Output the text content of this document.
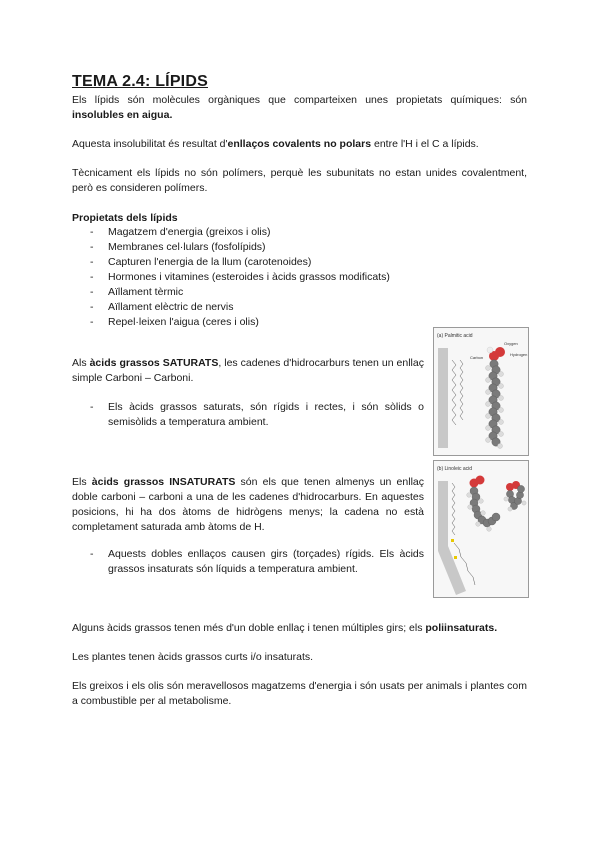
TEMA 2.4: LÍPIDS

Els lípids són molècules orgàniques que comparteixen unes propietats químiques: són insolubles en aigua.

Aquesta insolubilitat és resultat d'enllaços covalents no polars entre l'H i el C a lípids.

Tècnicament els lípids no són polímers, perquè les subunitats no estan unides covalentment, però es consideren polímers.

Propietats dels lípids
- Magatzem d'energia (greixos i olis)
- Membranes cel·lulars (fosfolípids)
- Capturen l'energia de la llum (carotenoides)
- Hormones i vitamines (esteroides i àcids grassos modificats)
- Aïllament tèrmic
- Aïllament elèctric de nervis
- Repel·leixen l'aigua (ceres i olis)
Als àcids grassos SATURATS, les cadenes d'hidrocarburs tenen un enllaç simple Carboni – Carboni.
-	Els àcids grassos saturats, són rígids i rectes, i són sòlids o semisòlids a temperatura ambient.
(a) Palmitic acid
Oxygen
Hydrogen
Carbon
Els àcids grassos INSATURATS són els que tenen almenys un enllaç doble carboni – carboni a una de les cadenes d'hidrocarburs. En aquestes posicions, hi ha dos àtoms de hidrògens menys; la cadena no està completament saturada amb àtoms de H.
-	Aquests dobles enllaços causen girs (torçades) rígids. Els àcids grassos insaturats són líquids a temperatura ambient.
(b) Linoleic acid

Alguns àcids grassos tenen més d'un doble enllaç i tenen múltiples girs; els poliinsaturats.

Les plantes tenen àcids grassos curts i/o insaturats.

Els greixos i els olis són meravellosos magatzems d'energia i són usats per animals i plantes com a combustible per al metabolisme.
